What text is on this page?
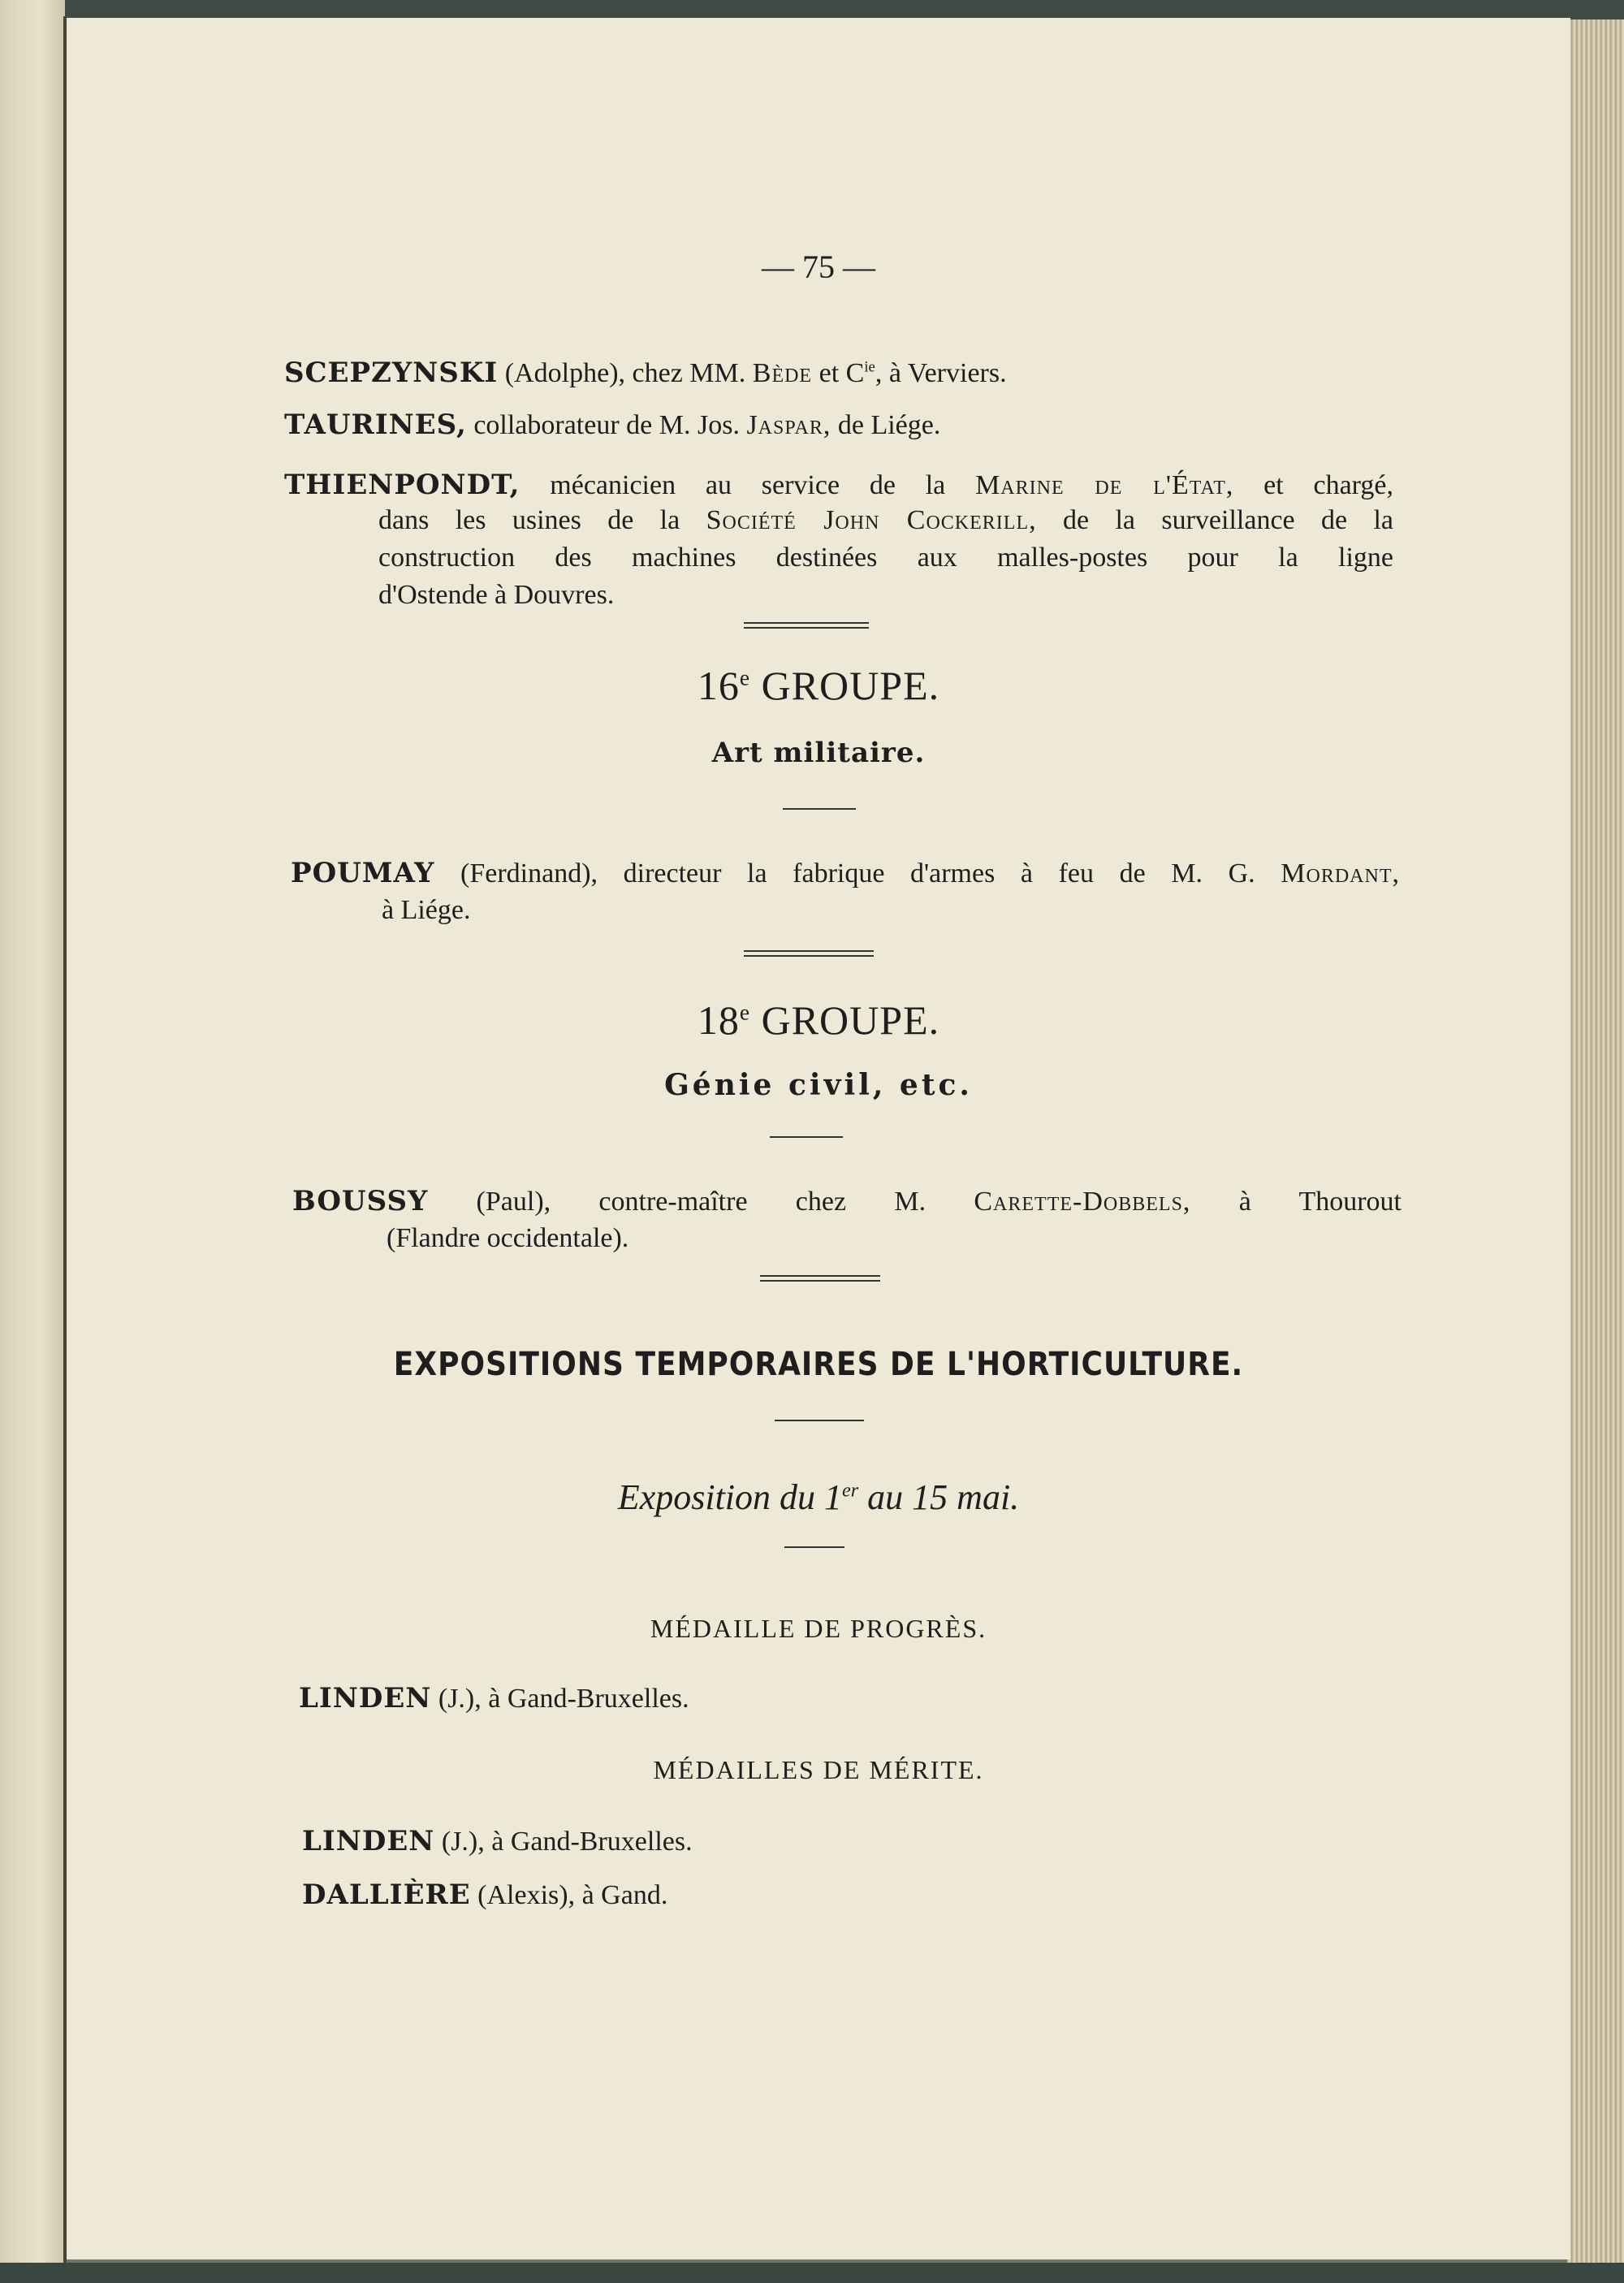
— 75 —
SCEPZYNSKI (Adolphe), chez MM. Bède et $C^{ie}$, à Verviers.
TAURINES, collaborateur de M. Jos. Jaspar, de Liége.
THIENPONDT, mécanicien au service de la Marine de l'État, et chargé,
dans les usines de la Société John Cockerill, de la surveillance de la
construction des machines destinées aux malles-postes pour la ligne
d'Ostende à Douvres.
16e GROUPE.
Art militaire.
POUMAY (Ferdinand), directeur la fabrique d'armes à feu de M. G. Mordant,
à Liége.
18e GROUPE.
Génie civil, etc.
BOUSSY (Paul), contre-maître chez M. Carette-Dobbels, à Thourout
(Flandre occidentale).
EXPOSITIONS TEMPORAIRES DE L'HORTICULTURE.
Exposition du 1er au 15 mai.
MÉDAILLE DE PROGRÈS.
LINDEN (J.), à Gand-Bruxelles.
MÉDAILLES DE MÉRITE.
LINDEN (J.), à Gand-Bruxelles.
DALLIÈRE (Alexis), à Gand.
